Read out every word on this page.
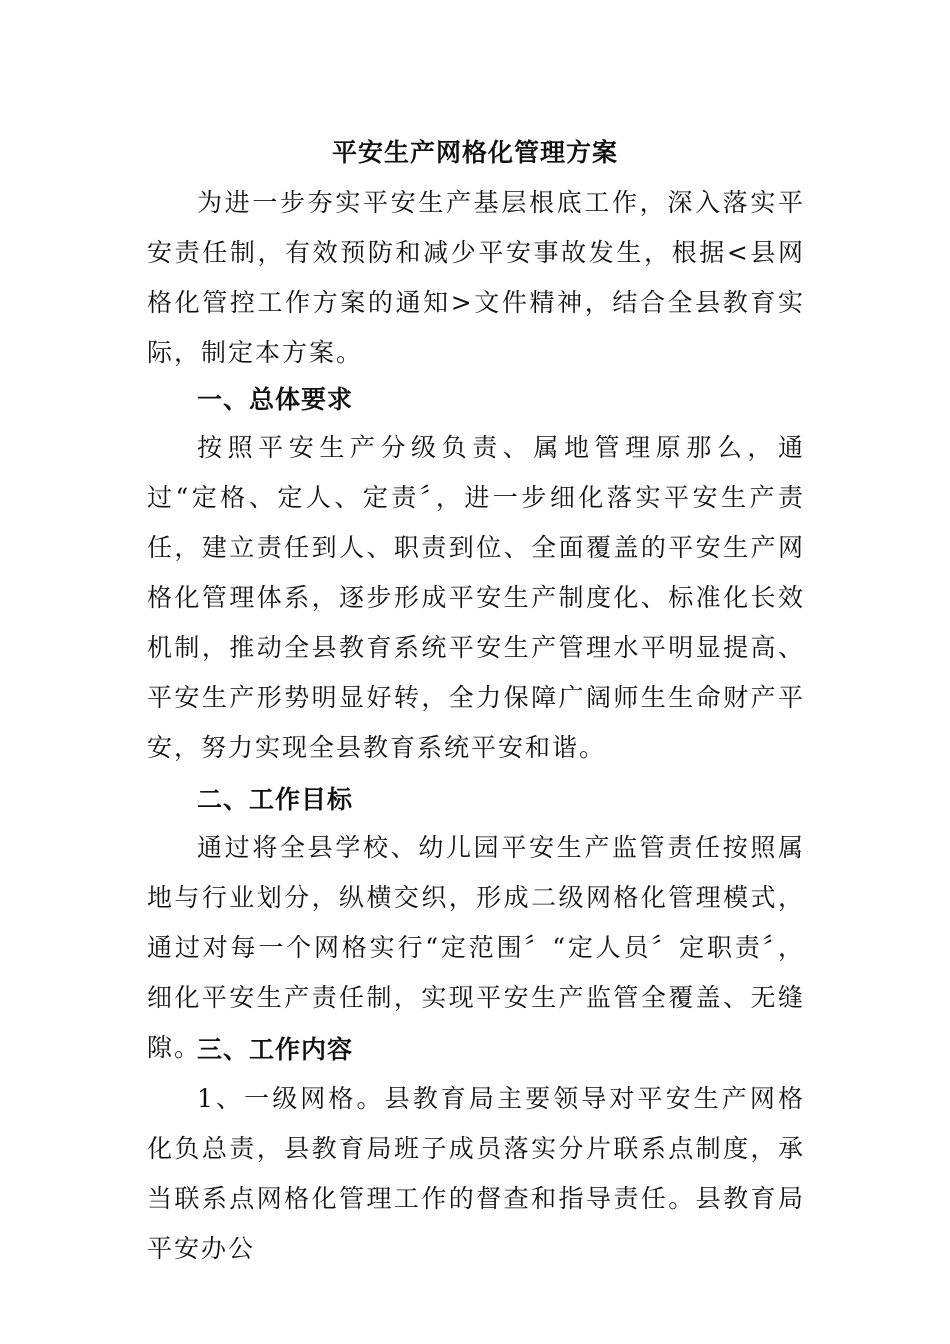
平安生产网格化管理方案
为进一步夯实平安生产基层根底工作，深入落实平安责任制，有效预防和减少平安事故发生，根据<县网格化管控工作方案的通知>文件精神，结合全县教育实际，制定本方案。
一、总体要求
按照平安生产分级负责、属地管理原那么，通过“定格、定人、定责〞，进一步细化落实平安生产责任，建立责任到人、职责到位、全面覆盖的平安生产网格化管理体系，逐步形成平安生产制度化、标准化长效机制，推动全县教育系统平安生产管理水平明显提高、平安生产形势明显好转，全力保障广阔师生生命财产平安，努力实现全县教育系统平安和谐。
二、工作目标
通过将全县学校、幼儿园平安生产监管责任按照属地与行业划分，纵横交织，形成二级网格化管理模式，通过对每一个网格实行“定范围〞“定人员〞定职责〞，细化平安生产责任制，实现平安生产监管全覆盖、无缝隙。
三、工作内容
1、一级网格。县教育局主要领导对平安生产网格化负总责，县教育局班子成员落实分片联系点制度，承当联系点网格化管理工作的督查和指导责任。县教育局平安办公
